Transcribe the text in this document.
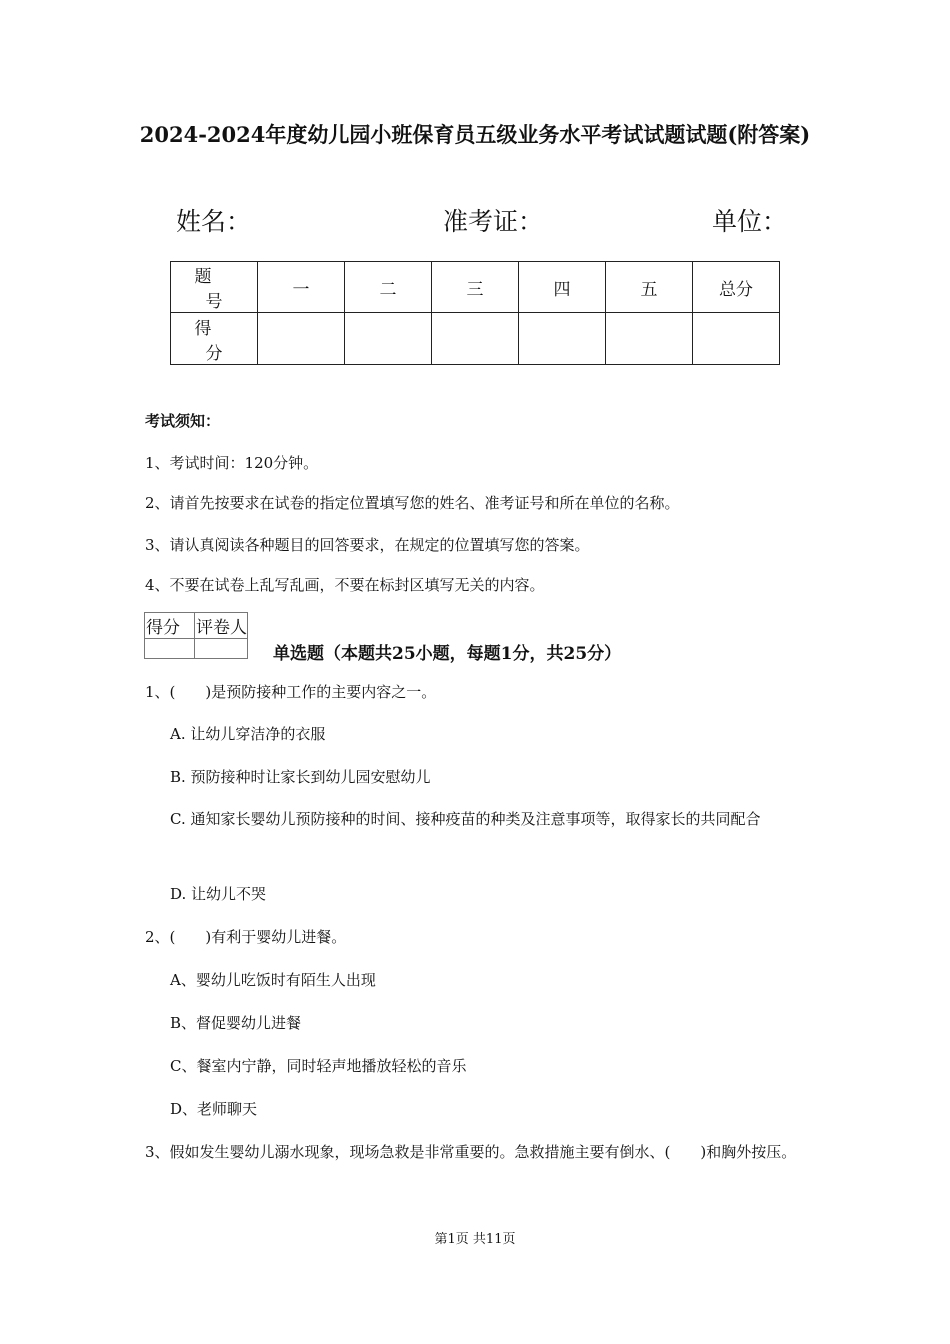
2024-2024年度幼儿园小班保育员五级业务水平考试试题试题(附答案)
姓名：	准考证：	单位：
题 号	一	二	三	四	五	总分
得 分						
考试须知：
1、考试时间：120分钟。
2、请首先按要求在试卷的指定位置填写您的姓名、准考证号和所在单位的名称。
3、请认真阅读各种题目的回答要求，在规定的位置填写您的答案。
4、不要在试卷上乱写乱画，不要在标封区填写无关的内容。
得分	评卷人

单选题（本题共25小题，每题1分，共25分）
1、(　　)是预防接种工作的主要内容之一。
A. 让幼儿穿洁净的衣服
B. 预防接种时让家长到幼儿园安慰幼儿
C. 通知家长婴幼儿预防接种的时间、接种疫苗的种类及注意事项等，取得家长的共同配合
D. 让幼儿不哭
2、(　　)有利于婴幼儿进餐。
A、婴幼儿吃饭时有陌生人出现
B、督促婴幼儿进餐
C、餐室内宁静，同时轻声地播放轻松的音乐
D、老师聊天
3、假如发生婴幼儿溺水现象，现场急救是非常重要的。急救措施主要有倒水、(　　)和胸外按压。
第1页 共11页
